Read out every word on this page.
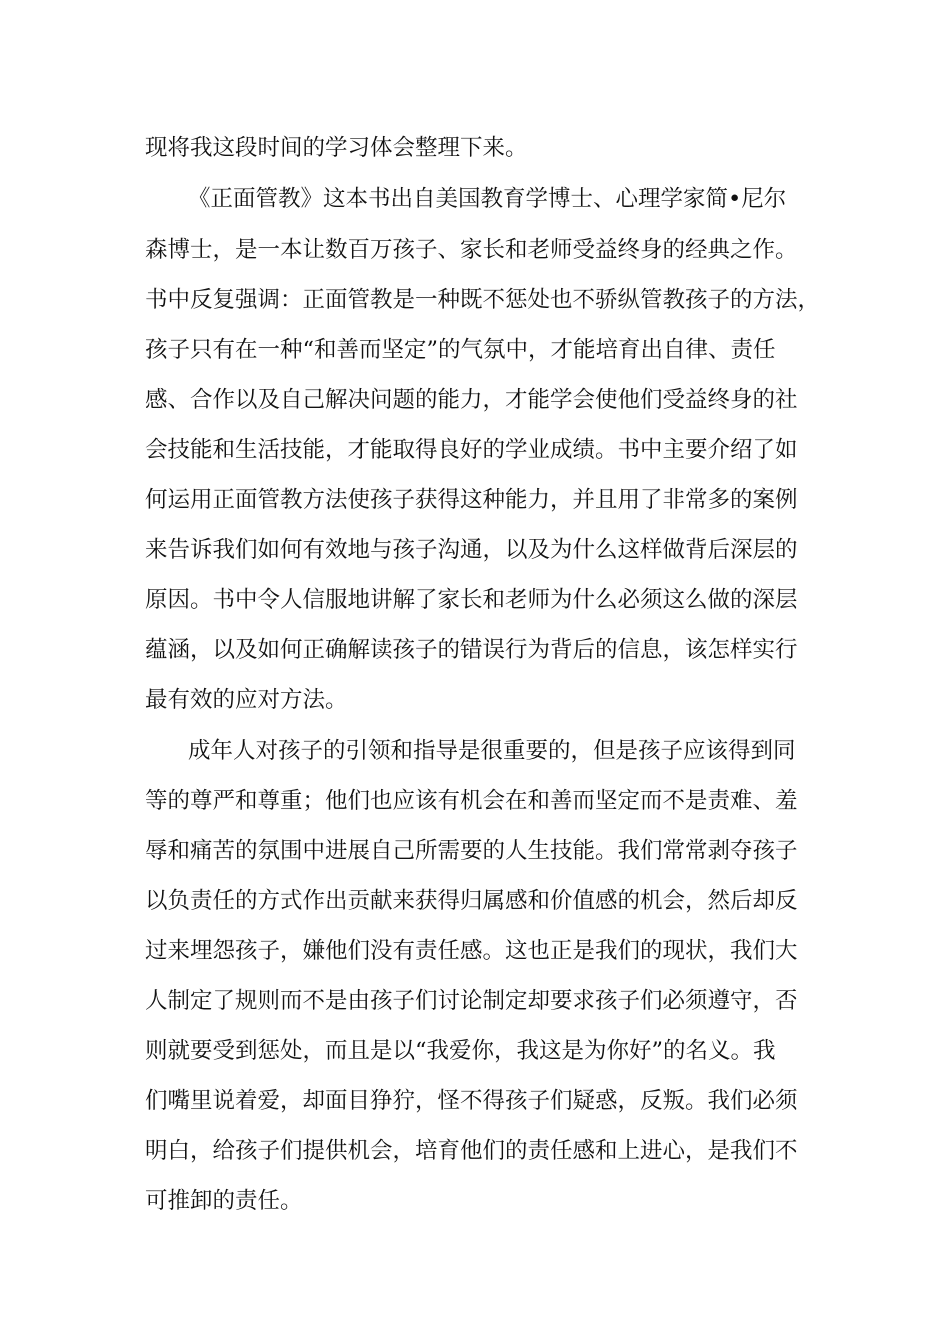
现将我这段时间的学习体会整理下来。
《正面管教》这本书出自美国教育学博士、心理学家简•尼尔
森博士，是一本让数百万孩子、家长和老师受益终身的经典之作。
书中反复强调：正面管教是一种既不惩处也不骄纵管教孩子的方法，
孩子只有在一种“和善而坚定”的气氛中，才能培育出自律、责任
感、合作以及自己解决问题的能力，才能学会使他们受益终身的社
会技能和生活技能，才能取得良好的学业成绩。书中主要介绍了如
何运用正面管教方法使孩子获得这种能力，并且用了非常多的案例
来告诉我们如何有效地与孩子沟通，以及为什么这样做背后深层的
原因。书中令人信服地讲解了家长和老师为什么必须这么做的深层
蕴涵，以及如何正确解读孩子的错误行为背后的信息，该怎样实行
最有效的应对方法。
成年人对孩子的引领和指导是很重要的，但是孩子应该得到同
等的尊严和尊重；他们也应该有机会在和善而坚定而不是责难、羞
辱和痛苦的氛围中进展自己所需要的人生技能。我们常常剥夺孩子
以负责任的方式作出贡献来获得归属感和价值感的机会，然后却反
过来埋怨孩子，嫌他们没有责任感。这也正是我们的现状，我们大
人制定了规则而不是由孩子们讨论制定却要求孩子们必须遵守，否
则就要受到惩处，而且是以“我爱你，我这是为你好”的名义。我
们嘴里说着爱，却面目狰狞，怪不得孩子们疑惑，反叛。我们必须
明白，给孩子们提供机会，培育他们的责任感和上进心，是我们不
可推卸的责任。
